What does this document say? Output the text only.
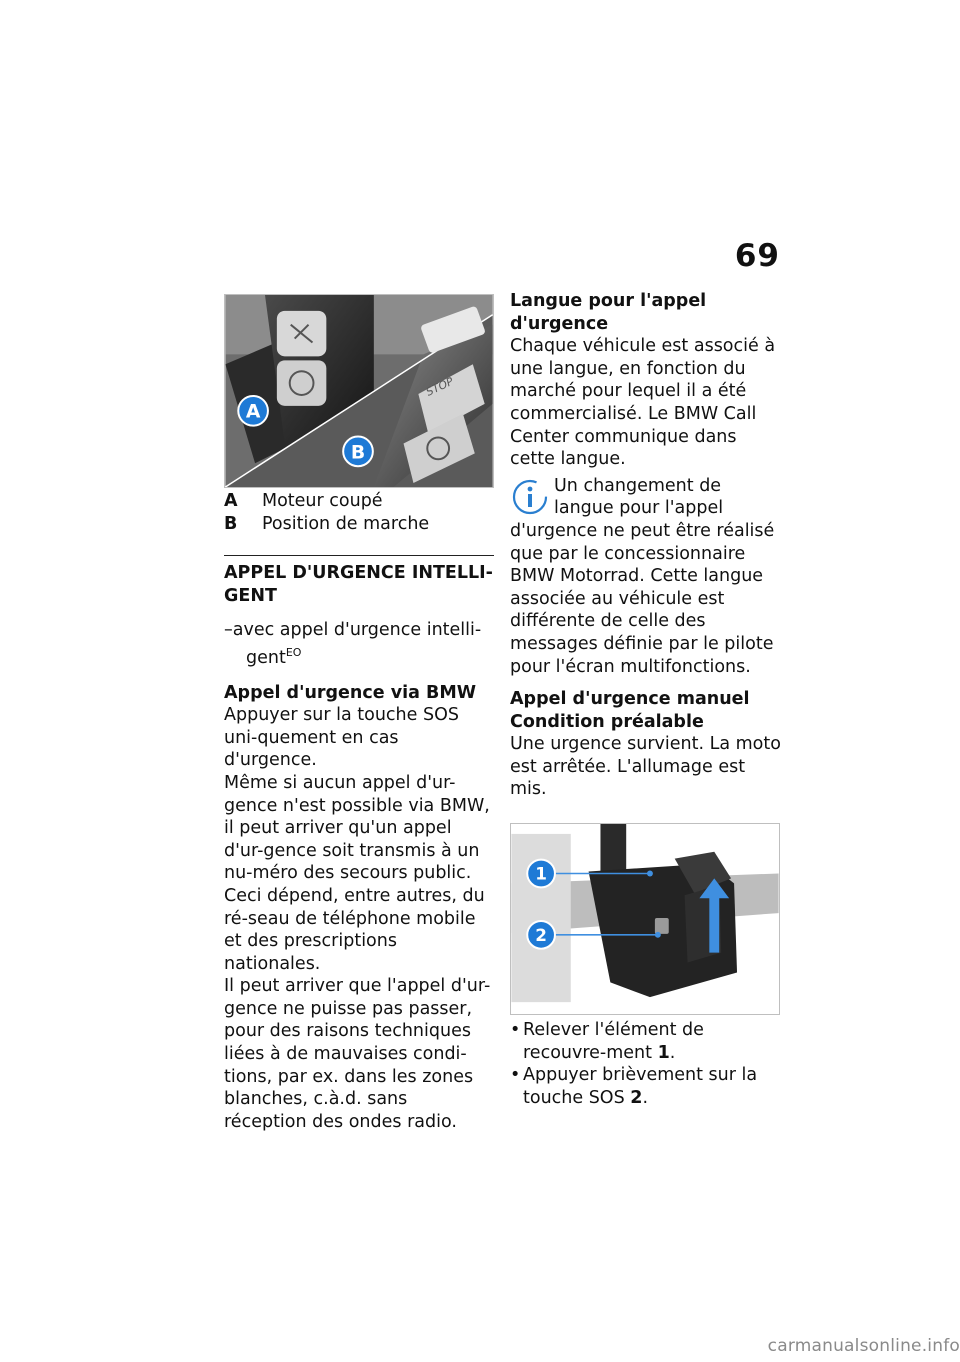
69
STOP
A
B
A	Moteur coupé
B	Position de marche
APPEL D'URGENCE INTELLI-GENT
–avec appel d'urgence intelli-gent$^{EO}$
Appel d'urgence via BMW

Appuyer sur la touche SOS uni-quement en cas d'urgence.

Même si aucun appel d'ur-gence n'est possible via BMW, il peut arriver qu'un appel d'ur-gence soit transmis à un nu-méro des secours public. Ceci dépend, entre autres, du ré-seau de téléphone mobile et des prescriptions nationales.

Il peut arriver que l'appel d'ur-gence ne puisse pas passer, pour des raisons techniques liées à de mauvaises condi-tions, par ex. dans les zones blanches, c.à.d. sans réception des ondes radio.

Langue pour l'appel d'urgence

Chaque véhicule est associé à une langue, en fonction du marché pour lequel il a été commercialisé. Le BMW Call Center communique dans cette langue.

Un changement de langue pour l'appel d'urgence ne peut être réalisé que par le concessionnaire BMW Motorrad. Cette langue associée au véhicule est différente de celle des messages définie par le pilote pour l'écran multifonctions.
Appel d'urgence manuel
Condition préalable

Une urgence survient. La moto est arrêtée. L'allumage est mis.

1
2
• Relever l'élément de recouvre-ment 1.
• Appuyer brièvement sur la touche SOS 2.
carmanualsonline.info
